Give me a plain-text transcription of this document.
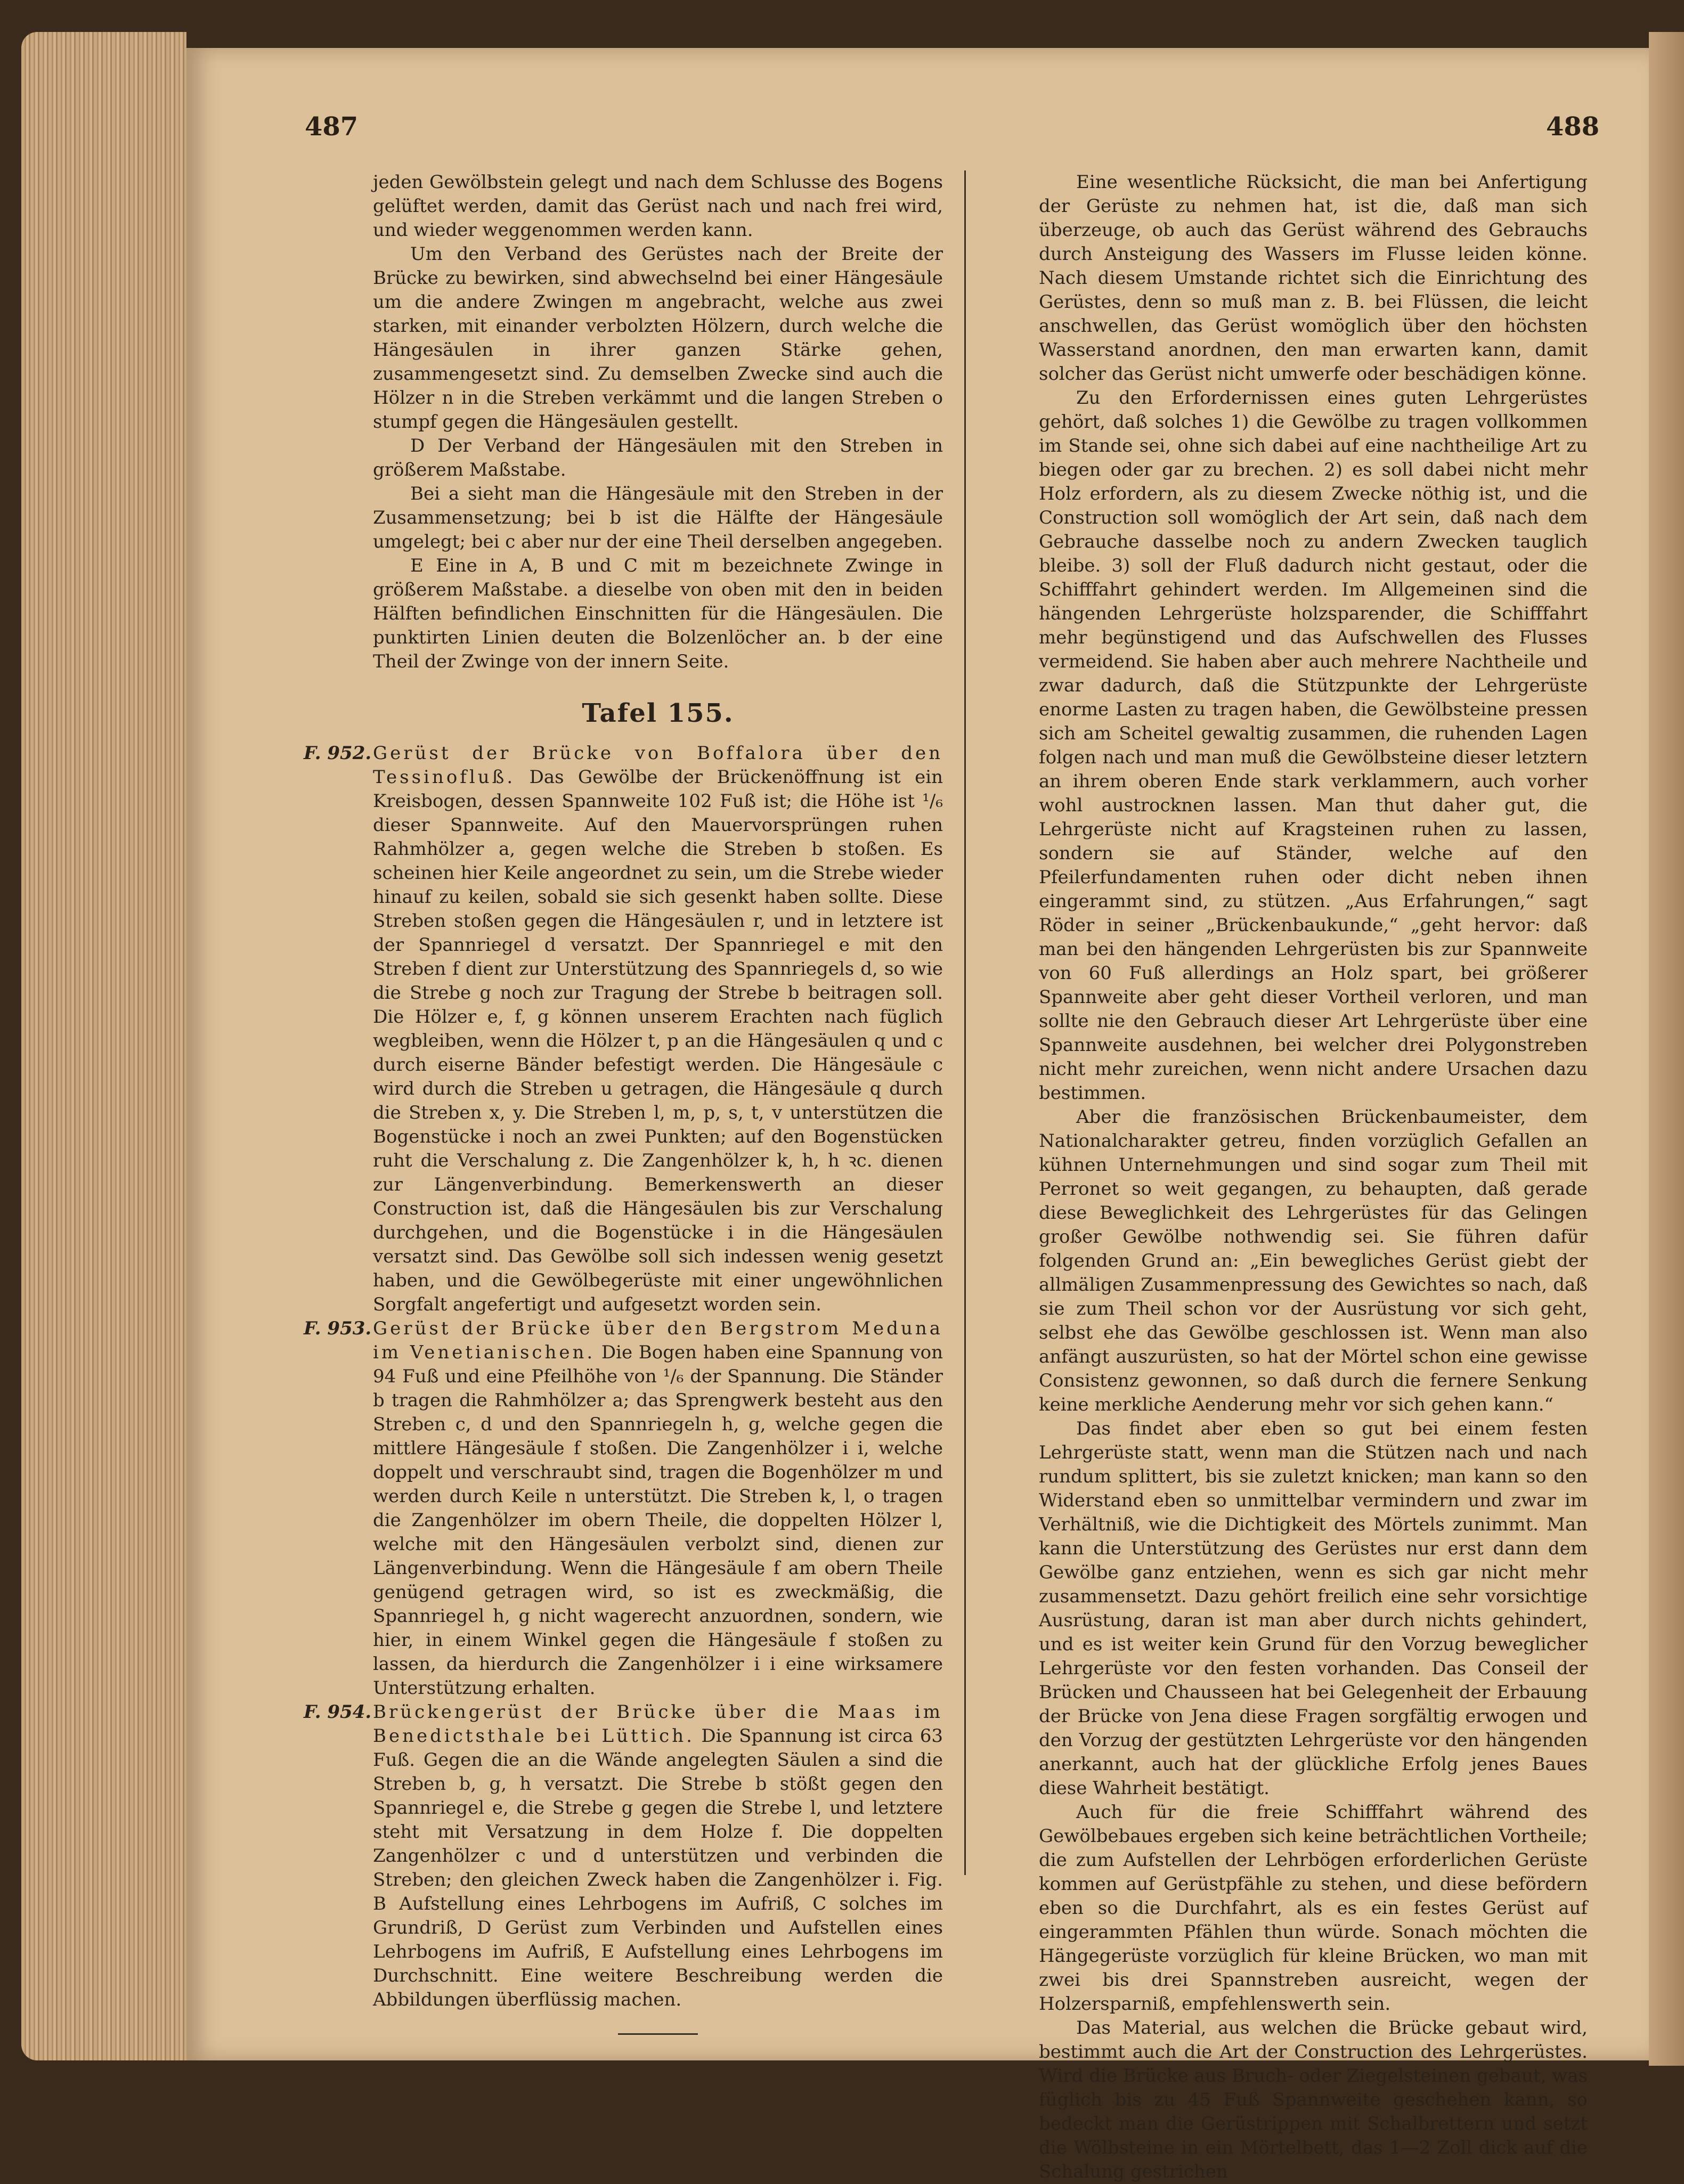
487	488

jeden Gewölbstein gelegt und nach dem Schlusse des Bogens gelüftet werden, damit das Gerüst nach und nach frei wird, und wieder weggenommen werden kann.

Um den Verband des Gerüstes nach der Breite der Brücke zu bewirken, sind abwechselnd bei einer Hängesäule um die andere Zwingen m angebracht, welche aus zwei starken, mit einander verbolzten Hölzern, durch welche die Hängesäulen in ihrer ganzen Stärke gehen, zusammengesetzt sind. Zu demselben Zwecke sind auch die Hölzer n in die Streben verkämmt und die langen Streben o stumpf gegen die Hängesäulen gestellt.

D Der Verband der Hängesäulen mit den Streben in größerem Maßstabe.

Bei a sieht man die Hängesäule mit den Streben in der Zusammensetzung; bei b ist die Hälfte der Hängesäule umgelegt; bei c aber nur der eine Theil derselben angegeben.

E Eine in A, B und C mit m bezeichnete Zwinge in größerem Maßstabe. a dieselbe von oben mit den in beiden Hälften befindlichen Einschnitten für die Hängesäulen. Die punktirten Linien deuten die Bolzenlöcher an. b der eine Theil der Zwinge von der innern Seite.

Tafel 155.

F. 952. Gerüst der Brücke von Boffalora über den Tessinofluß. Das Gewölbe der Brückenöffnung ist ein Kreisbogen, dessen Spannweite 102 Fuß ist; die Höhe ist ¹/₆ dieser Spannweite. Auf den Mauervorsprüngen ruhen Rahmhölzer a, gegen welche die Streben b stoßen. Es scheinen hier Keile angeordnet zu sein, um die Strebe wieder hinauf zu keilen, sobald sie sich gesenkt haben sollte. Diese Streben stoßen gegen die Hängesäulen r, und in letztere ist der Spannriegel d versatzt. Der Spannriegel e mit den Streben f dient zur Unterstützung des Spannriegels d, so wie die Strebe g noch zur Tragung der Strebe b beitragen soll. Die Hölzer e, f, g können unserem Erachten nach füglich wegbleiben, wenn die Hölzer t, p an die Hängesäulen q und c durch eiserne Bänder befestigt werden. Die Hängesäule c wird durch die Streben u getragen, die Hängesäule q durch die Streben x, y. Die Streben l, m, p, s, t, v unterstützen die Bogenstücke i noch an zwei Punkten; auf den Bogenstücken ruht die Verschalung z. Die Zangenhölzer k, h, h ꝛc. dienen zur Längenverbindung. Bemerkenswerth an dieser Construction ist, daß die Hängesäulen bis zur Verschalung durchgehen, und die Bogenstücke i in die Hängesäulen versatzt sind. Das Gewölbe soll sich indessen wenig gesetzt haben, und die Gewölbegerüste mit einer ungewöhnlichen Sorgfalt angefertigt und aufgesetzt worden sein.

F. 953. Gerüst der Brücke über den Bergstrom Meduna im Venetianischen. Die Bogen haben eine Spannung von 94 Fuß und eine Pfeilhöhe von ¹/₆ der Spannung. Die Ständer b tragen die Rahmhölzer a; das Sprengwerk besteht aus den Streben c, d und den Spannriegeln h, g, welche gegen die mittlere Hängesäule f stoßen. Die Zangenhölzer i i, welche doppelt und verschraubt sind, tragen die Bogenhölzer m und werden durch Keile n unterstützt. Die Streben k, l, o tragen die Zangenhölzer im obern Theile, die doppelten Hölzer l, welche mit den Hängesäulen verbolzt sind, dienen zur Längenverbindung. Wenn die Hängesäule f am obern Theile genügend getragen wird, so ist es zweckmäßig, die Spannriegel h, g nicht wagerecht anzuordnen, sondern, wie hier, in einem Winkel gegen die Hängesäule f stoßen zu lassen, da hierdurch die Zangenhölzer i i eine wirksamere Unterstützung erhalten.

F. 954. Brückengerüst der Brücke über die Maas im Benedictsthale bei Lüttich. Die Spannung ist circa 63 Fuß. Gegen die an die Wände angelegten Säulen a sind die Streben b, g, h versatzt. Die Strebe b stößt gegen den Spannriegel e, die Strebe g gegen die Strebe l, und letztere steht mit Versatzung in dem Holze f. Die doppelten Zangenhölzer c und d unterstützen und verbinden die Streben; den gleichen Zweck haben die Zangenhölzer i. Fig. B Aufstellung eines Lehrbogens im Aufriß, C solches im Grundriß, D Gerüst zum Verbinden und Aufstellen eines Lehrbogens im Aufriß, E Aufstellung eines Lehrbogens im Durchschnitt. Eine weitere Beschreibung werden die Abbildungen überflüssig machen.

Eine wesentliche Rücksicht, die man bei Anfertigung der Gerüste zu nehmen hat, ist die, daß man sich überzeuge, ob auch das Gerüst während des Gebrauchs durch Ansteigung des Wassers im Flusse leiden könne. Nach diesem Umstande richtet sich die Einrichtung des Gerüstes, denn so muß man z. B. bei Flüssen, die leicht anschwellen, das Gerüst womöglich über den höchsten Wasserstand anordnen, den man erwarten kann, damit solcher das Gerüst nicht umwerfe oder beschädigen könne.

Zu den Erfordernissen eines guten Lehrgerüstes gehört, daß solches 1) die Gewölbe zu tragen vollkommen im Stande sei, ohne sich dabei auf eine nachtheilige Art zu biegen oder gar zu brechen. 2) es soll dabei nicht mehr Holz erfordern, als zu diesem Zwecke nöthig ist, und die Construction soll womöglich der Art sein, daß nach dem Gebrauche dasselbe noch zu andern Zwecken tauglich bleibe. 3) soll der Fluß dadurch nicht gestaut, oder die Schifffahrt gehindert werden. Im Allgemeinen sind die hängenden Lehrgerüste holzsparender, die Schifffahrt mehr begünstigend und das Aufschwellen des Flusses vermeidend. Sie haben aber auch mehrere Nachtheile und zwar dadurch, daß die Stützpunkte der Lehrgerüste enorme Lasten zu tragen haben, die Gewölbsteine pressen sich am Scheitel gewaltig zusammen, die ruhenden Lagen folgen nach und man muß die Gewölbsteine dieser letztern an ihrem oberen Ende stark verklammern, auch vorher wohl austrocknen lassen. Man thut daher gut, die Lehrgerüste nicht auf Kragsteinen ruhen zu lassen, sondern sie auf Ständer, welche auf den Pfeilerfundamenten ruhen oder dicht neben ihnen eingerammt sind, zu stützen. „Aus Erfahrungen,“ sagt Röder in seiner „Brückenbaukunde,“ „geht hervor: daß man bei den hängenden Lehrgerüsten bis zur Spannweite von 60 Fuß allerdings an Holz spart, bei größerer Spannweite aber geht dieser Vortheil verloren, und man sollte nie den Gebrauch dieser Art Lehrgerüste über eine Spannweite ausdehnen, bei welcher drei Polygonstreben nicht mehr zureichen, wenn nicht andere Ursachen dazu bestimmen.

Aber die französischen Brückenbaumeister, dem Nationalcharakter getreu, finden vorzüglich Gefallen an kühnen Unternehmungen und sind sogar zum Theil mit Perronet so weit gegangen, zu behaupten, daß gerade diese Beweglichkeit des Lehrgerüstes für das Gelingen großer Gewölbe nothwendig sei. Sie führen dafür folgenden Grund an: „Ein bewegliches Gerüst giebt der allmäligen Zusammenpressung des Gewichtes so nach, daß sie zum Theil schon vor der Ausrüstung vor sich geht, selbst ehe das Gewölbe geschlossen ist. Wenn man also anfängt auszurüsten, so hat der Mörtel schon eine gewisse Consistenz gewonnen, so daß durch die fernere Senkung keine merkliche Aenderung mehr vor sich gehen kann.“

Das findet aber eben so gut bei einem festen Lehrgerüste statt, wenn man die Stützen nach und nach rundum splittert, bis sie zuletzt knicken; man kann so den Widerstand eben so unmittelbar vermindern und zwar im Verhältniß, wie die Dichtigkeit des Mörtels zunimmt. Man kann die Unterstützung des Gerüstes nur erst dann dem Gewölbe ganz entziehen, wenn es sich gar nicht mehr zusammensetzt. Dazu gehört freilich eine sehr vorsichtige Ausrüstung, daran ist man aber durch nichts gehindert, und es ist weiter kein Grund für den Vorzug beweglicher Lehrgerüste vor den festen vorhanden. Das Conseil der Brücken und Chausseen hat bei Gelegenheit der Erbauung der Brücke von Jena diese Fragen sorgfältig erwogen und den Vorzug der gestützten Lehrgerüste vor den hängenden anerkannt, auch hat der glückliche Erfolg jenes Baues diese Wahrheit bestätigt.

Auch für die freie Schifffahrt während des Gewölbebaues ergeben sich keine beträchtlichen Vortheile; die zum Aufstellen der Lehrbögen erforderlichen Gerüste kommen auf Gerüstpfähle zu stehen, und diese befördern eben so die Durchfahrt, als es ein festes Gerüst auf eingerammten Pfählen thun würde. Sonach möchten die Hängegerüste vorzüglich für kleine Brücken, wo man mit zwei bis drei Spannstreben ausreicht, wegen der Holzersparniß, empfehlenswerth sein.

Das Material, aus welchen die Brücke gebaut wird, bestimmt auch die Art der Construction des Lehrgerüstes. Wird die Brücke aus Bruch- oder Ziegelsteinen gebaut, was füglich bis zu 45 Fuß Spannweite geschehen kann, so bedeckt man die Gerüstrippen mit Schalbrettern und setzt die Wölbsteine in ein Mörtelbett, das 1—2 Zoll dick auf die Schalung gestrichen
